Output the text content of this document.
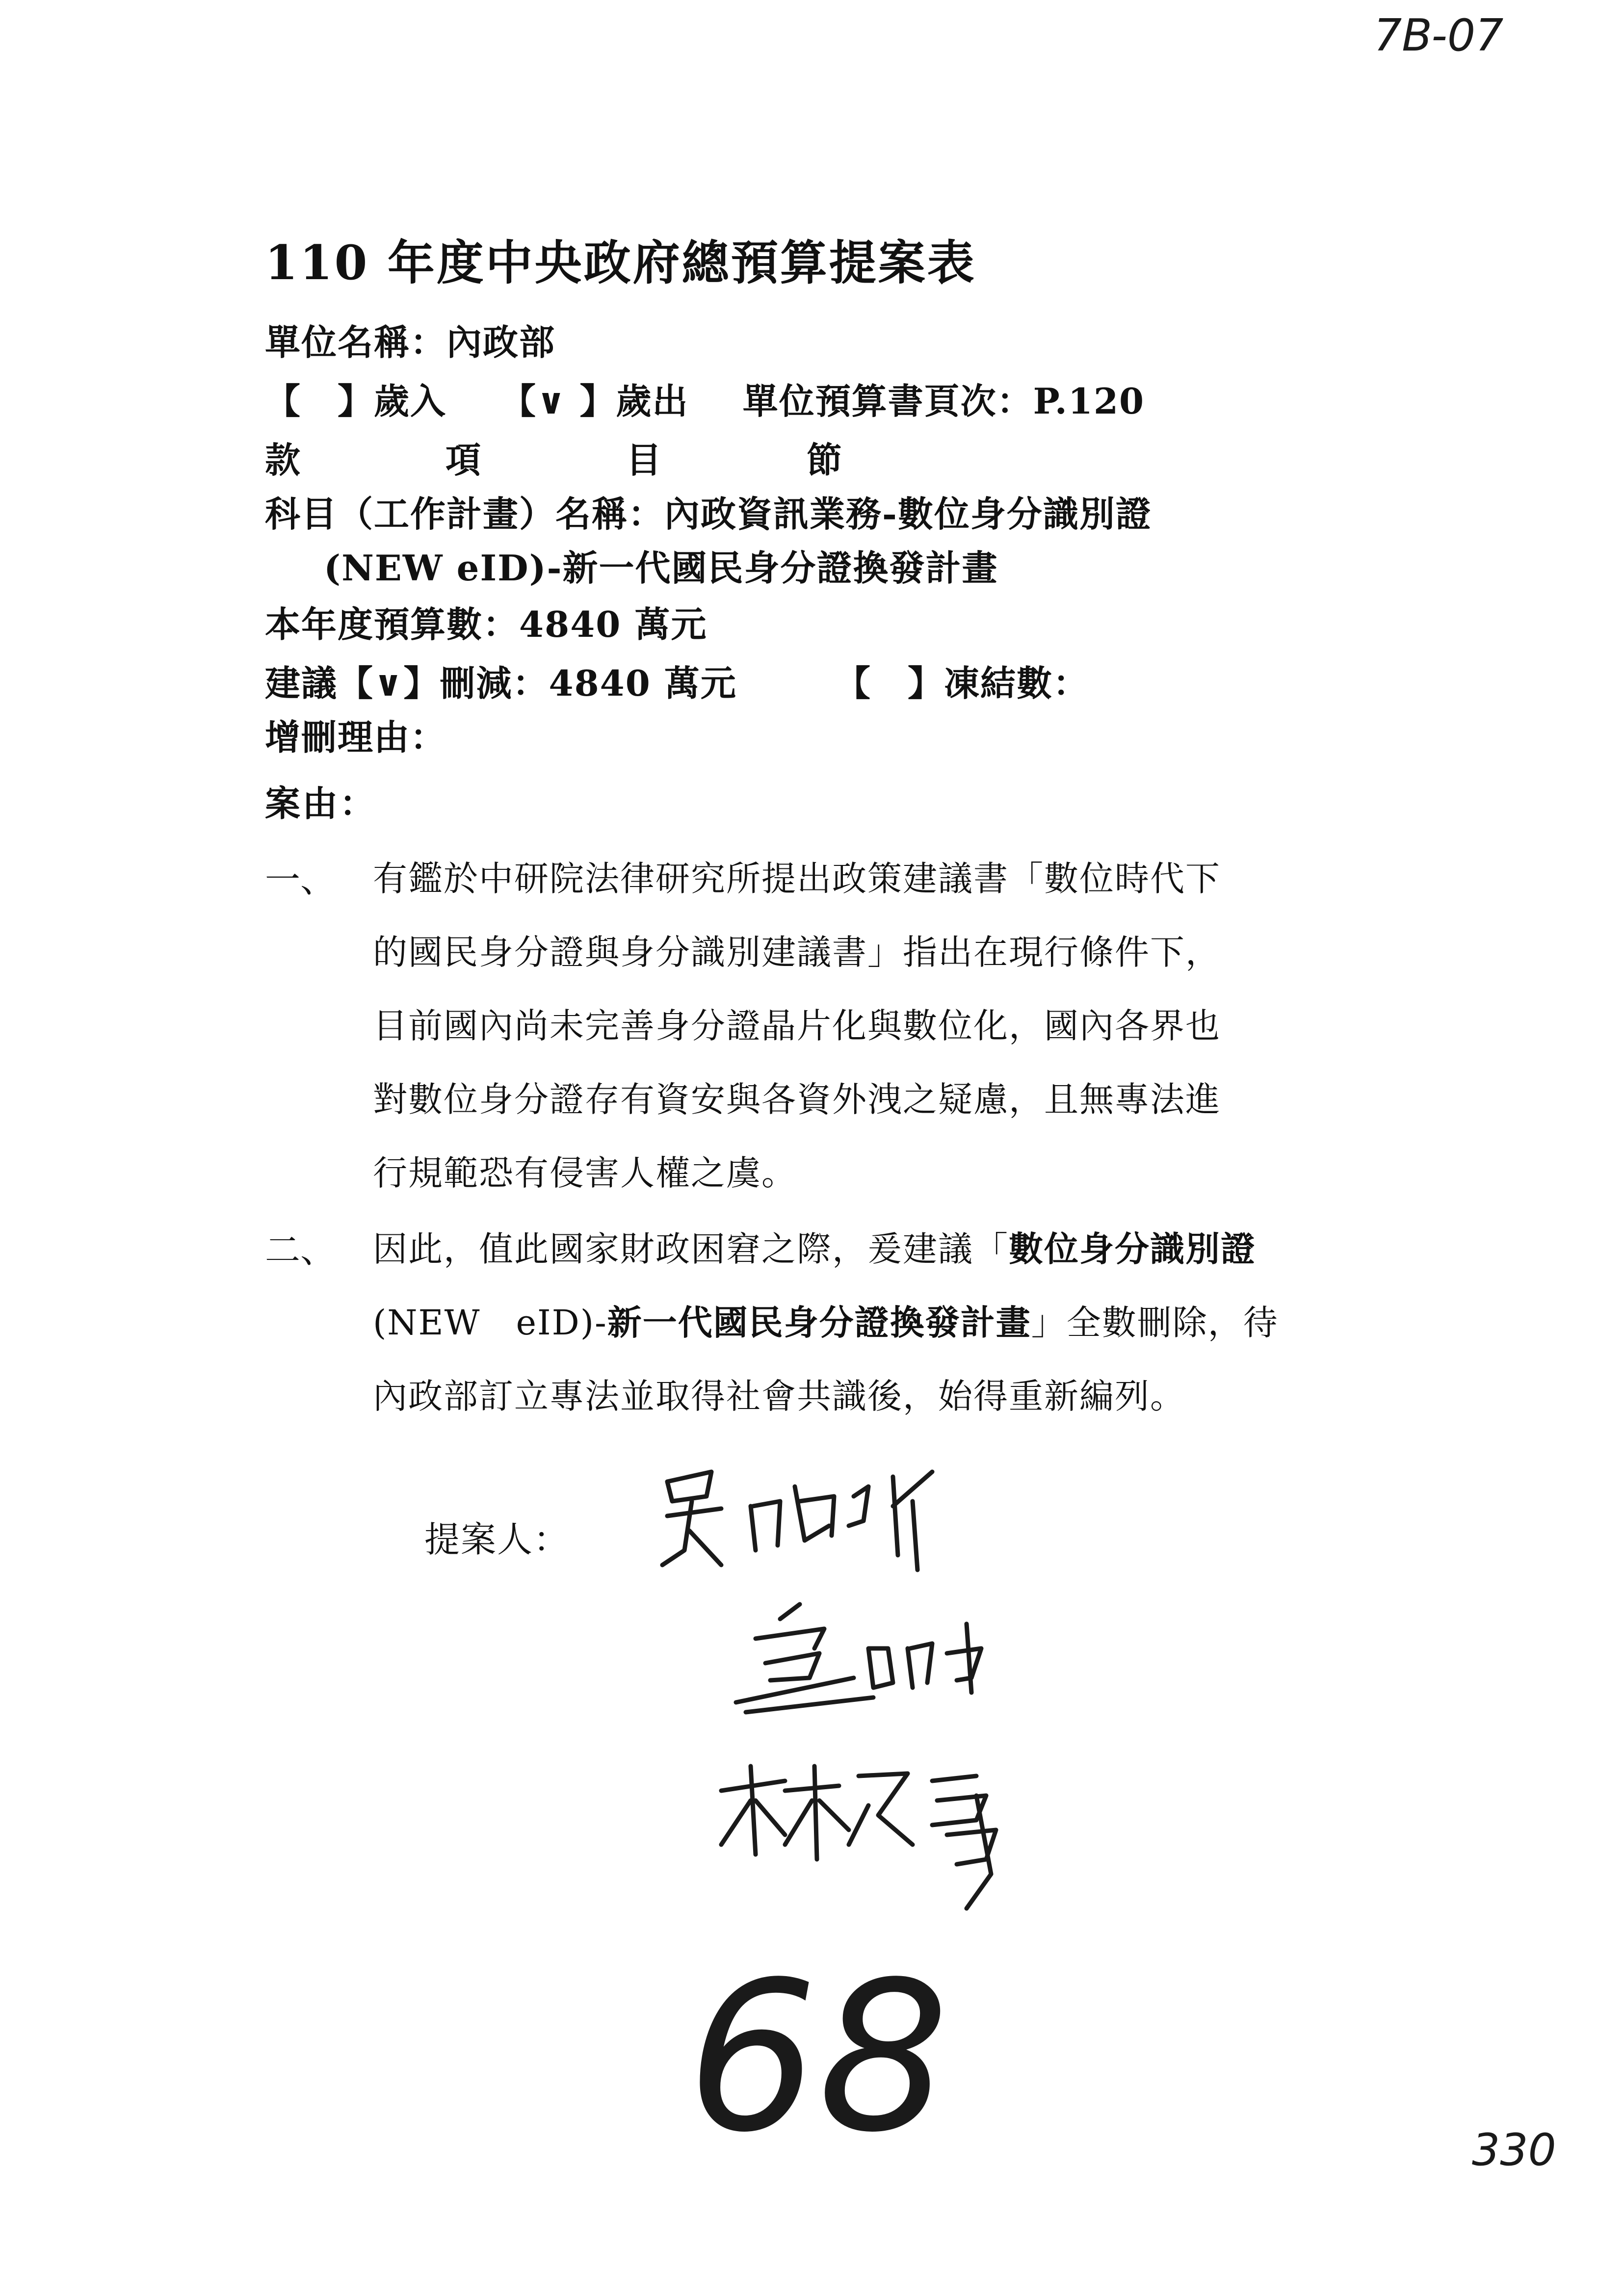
7B-07
110 年度中央政府總預算提案表
單位名稱：內政部
【　】歲入 【∨ 】歲出 單位預算書頁次：P.120
款	項	目	節
科目（工作計畫）名稱：內政資訊業務-數位身分識別證
(NEW eID)-新一代國民身分證換發計畫
本年度預算數：4840 萬元
建議【∨】刪減：4840 萬元	【　】凍結數：
增刪理由：
案由：
一、 有鑑於中研院法律研究所提出政策建議書「數位時代下
的國民身分證與身分識別建議書」指出在現行條件下，
目前國內尚未完善身分證晶片化與數位化，國內各界也
對數位身分證存有資安與各資外洩之疑慮，且無專法進
行規範恐有侵害人權之虞。
二、 因此，值此國家財政困窘之際，爰建議「數位身分識別證
(NEW　eID)-新一代國民身分證換發計畫」全數刪除，待
內政部訂立專法並取得社會共識後，始得重新編列。
提案人：
68	330
